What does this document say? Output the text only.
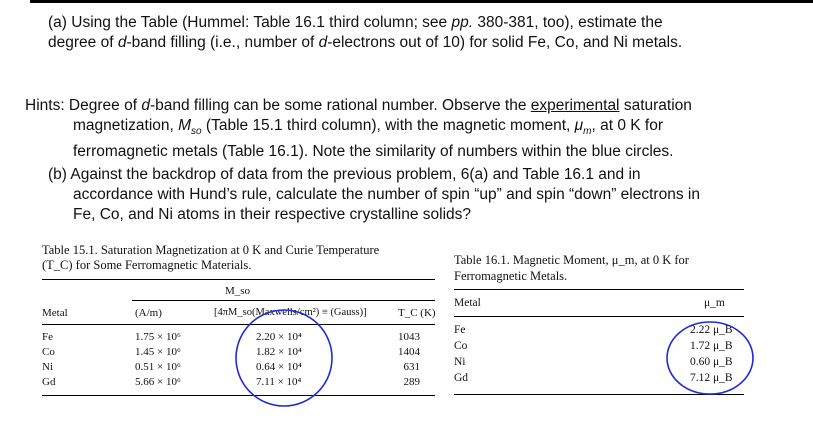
(a) Using the Table (Hummel: Table 16.1 third column; see pp. 380-381, too), estimate the
degree of d-band filling (i.e., number of d-electrons out of 10) for solid Fe, Co, and Ni metals.
Hints: Degree of d-band filling can be some rational number. Observe the experimental saturation
magnetization, $M_{so}$ (Table 15.1 third column), with the magnetic moment, $\mu_m$, at 0 K for
ferromagnetic metals (Table 16.1). Note the similarity of numbers within the blue circles.
(b) Against the backdrop of data from the previous problem, 6(a) and Table 16.1 and in
accordance with Hund’s rule, calculate the number of spin “up” and spin “down” electrons in
Fe, Co, and Ni atoms in their respective crystalline solids?
Table 15.1. Saturation Magnetization at 0 K and Curie Temperature
(T_C) for Some Ferromagnetic Materials.
M_so
Metal	(A/m)	[4πM_so(Maxwells/cm²) ≡ (Gauss)]	T_C (K)
Fe	1.75 × 10⁶	2.20 × 10⁴	1043
Co	1.45 × 10⁶	1.82 × 10⁴	1404
Ni	0.51 × 10⁶	0.64 × 10⁴	631
Gd	5.66 × 10⁶	7.11 × 10⁴	289
Table 16.1. Magnetic Moment, μ_m, at 0 K for
Ferromagnetic Metals.
Metal	μ_m
Fe	2.22 μ_B
Co	1.72 μ_B
Ni	0.60 μ_B
Gd	7.12 μ_B
